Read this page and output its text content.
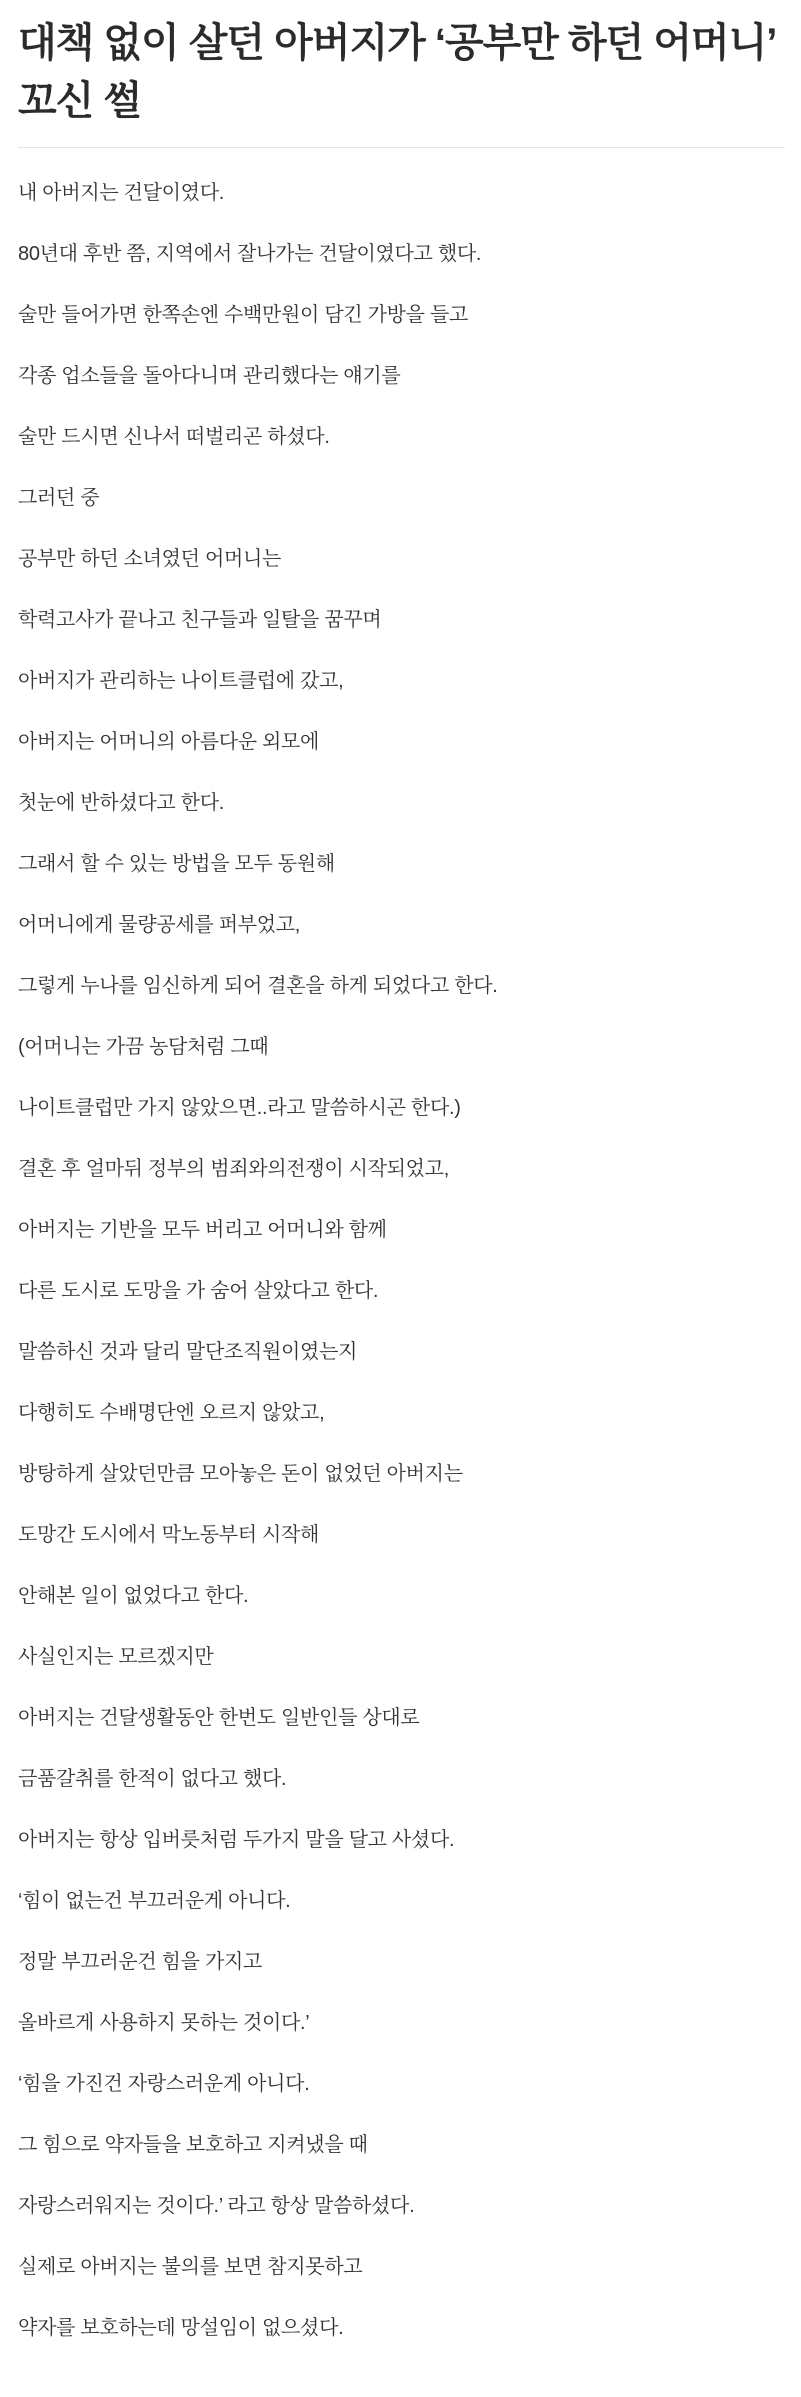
대책 없이 살던 아버지가 ‘공부만 하던 어머니’ 꼬신 썰

내 아버지는 건달이였다.

80년대 후반 쯤, 지역에서 잘나가는 건달이였다고 했다.

술만 들어가면 한쪽손엔 수백만원이 담긴 가방을 들고

각종 업소들을 돌아다니며 관리했다는 얘기를

술만 드시면 신나서 떠벌리곤 하셨다.

그러던 중

공부만 하던 소녀였던 어머니는

학력고사가 끝나고 친구들과 일탈을 꿈꾸며

아버지가 관리하는 나이트클럽에 갔고,

아버지는 어머니의 아름다운 외모에

첫눈에 반하셨다고 한다.

그래서 할 수 있는 방법을 모두 동원해

어머니에게 물량공세를 퍼부었고,

그렇게 누나를 임신하게 되어 결혼을 하게 되었다고 한다.

(어머니는 가끔 농담처럼 그때

나이트클럽만 가지 않았으면..라고 말씀하시곤 한다.)

결혼 후 얼마뒤 정부의 범죄와의전쟁이 시작되었고,

아버지는 기반을 모두 버리고 어머니와 함께

다른 도시로 도망을 가 숨어 살았다고 한다.

말씀하신 것과 달리 말단조직원이였는지

다행히도 수배명단엔 오르지 않았고,

방탕하게 살았던만큼 모아놓은 돈이 없었던 아버지는

도망간 도시에서 막노동부터 시작해

안해본 일이 없었다고 한다.

사실인지는 모르겠지만

아버지는 건달생활동안 한번도 일반인들 상대로

금품갈취를 한적이 없다고 했다.

아버지는 항상 입버릇처럼 두가지 말을 달고 사셨다.

‘힘이 없는건 부끄러운게 아니다.

정말 부끄러운건 힘을 가지고

올바르게 사용하지 못하는 것이다.’

‘힘을 가진건 자랑스러운게 아니다.

그 힘으로 약자들을 보호하고 지켜냈을 때

자랑스러워지는 것이다.’ 라고 항상 말씀하셨다.

실제로 아버지는 불의를 보면 참지못하고

약자를 보호하는데 망설임이 없으셨다.
